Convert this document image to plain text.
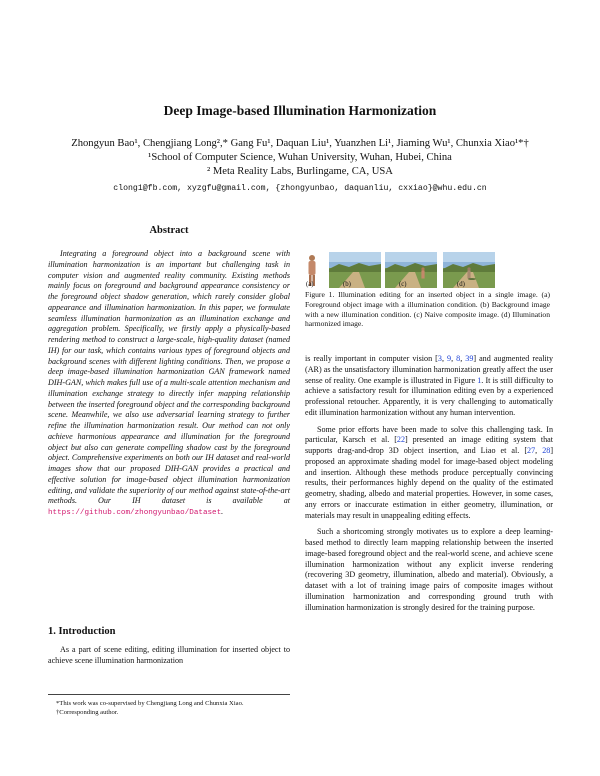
Deep Image-based Illumination Harmonization
Zhongyun Bao¹, Chengjiang Long²,* Gang Fu¹, Daquan Liu¹, Yuanzhen Li¹, Jiaming Wu¹, Chunxia Xiao¹*†
¹School of Computer Science, Wuhan University, Wuhan, Hubei, China
² Meta Reality Labs, Burlingame, CA, USA
clong1@fb.com, xyzgfu@gmail.com, {zhongyunbao, daquanliu, cxxiao}@whu.edu.cn
Abstract

Integrating a foreground object into a background scene with illumination harmonization is an important but challenging task in computer vision and augmented reality community. Existing methods mainly focus on foreground and background appearance consistency or the foreground object shadow generation, which rarely consider global appearance and illumination harmonization. In this paper, we formulate seamless illumination harmonization as an illumination exchange and aggregation problem. Specifically, we firstly apply a physically-based rendering method to construct a large-scale, high-quality dataset (named IH) for our task, which contains various types of foreground objects and background scenes with different lighting conditions. Then, we propose a deep image-based illumination harmonization GAN framework named DIH-GAN, which makes full use of a multi-scale attention mechanism and illumination exchange strategy to directly infer mapping relationship between the inserted foreground object and the corresponding background scene. Meanwhile, we also use adversarial learning strategy to further refine the illumination harmonization result. Our method can not only achieve harmonious appearance and illumination for the foreground object but also can generate compelling shadow cast by the foreground object. Comprehensive experiments on both our IH dataset and real-world images show that our proposed DIH-GAN provides a practical and effective solution for image-based object illumination harmonization editing, and validate the superiority of our method against state-of-the-art methods. Our IH dataset is available at https://github.com/zhongyunbao/Dataset.

1. Introduction

As a part of scene editing, editing illumination for inserted object to achieve scene illumination harmonization

*This work was co-supervised by Chengjiang Long and Chunxia Xiao.
†Corresponding author.
(a)	(b)	(c)	(d)
Figure 1. Illumination editing for an inserted object in a single image. (a) Foreground object image with a illumination condition. (b) Background image with a new illumination condition. (c) Naive composite image. (d) Illumination harmonized image.

is really important in computer vision [3, 9, 8, 39] and augmented reality (AR) as the unsatisfactory illumination harmonization greatly affect the user sense of reality. One example is illustrated in Figure 1. It is still difficulty to achieve a satisfactory result for illumination editing even by a experienced professional retoucher. Apparently, it is very challenging to automatically edit illumination harmonization without any human intervention.

Some prior efforts have been made to solve this challenging task. In particular, Karsch et al. [22] presented an image editing system that supports drag-and-drop 3D object insertion, and Liao et al. [27, 28] proposed an approximate shading model for image-based object modeling and insertion. Although these methods produce perceptually convincing results, their performances highly depend on the quality of the estimated geometry, shading, albedo and material properties. However, in some cases, any errors or inaccurate estimation in either geometry, illumination, or materials may result in unappealing editing effects.

Such a shortcoming strongly motivates us to explore a deep learning-based method to directly learn mapping relationship between the inserted image-based foreground object and the real-world scene, and achieve scene illumination harmonization without any explicit inverse rendering (recovering 3D geometry, illumination, albedo and material). Obviously, a dataset with a lot of training image pairs of composite images without illumination harmonization and corresponding ground truth with illumination harmonization is strongly desired for the training purpose.
